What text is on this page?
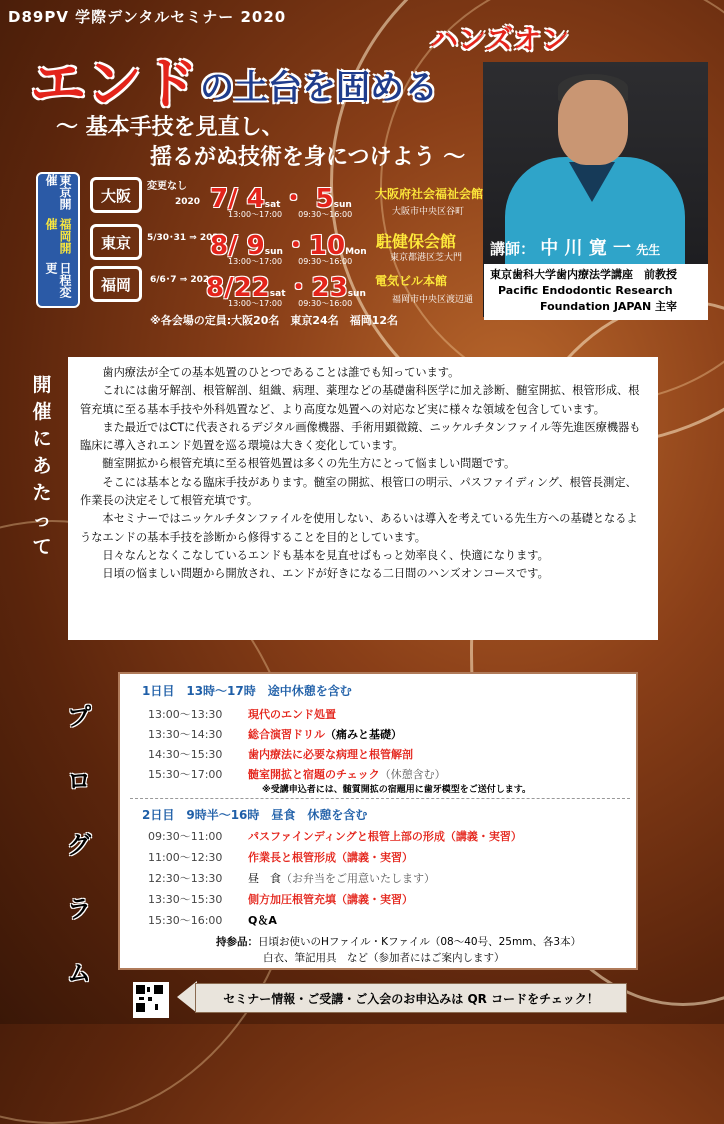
D89PV 学際デンタルセミナー 2020
エンド の土台を固める
ハンズオン
～ 基本手技を見直し、
揺るがぬ技術を身につけよう ～
講師： 中 川 寛 一 先生
東京歯科大学歯内療法学講座　前教授
Pacific Endodontic Research
Foundation JAPAN 主宰
東京開催
福岡開催
日程変更
変更なし
大阪	2020 7/ 4sat・ 5sun
13:00～17:00　　09:30～16:00
大阪府社会福祉会館
大阪市中央区谷町
東京	5/30･31 ⇒ 2020
8/ 9sun・10Mon
13:00～17:00　　09:30～16:00
駐健保会館
東京都港区芝大門
福岡	6/6･7 ⇒ 2020
8/22sat・23sun
13:00～17:00　　09:30～16:00
電気ビル本館
福岡市中央区渡辺通
※各会場の定員:大阪20名　東京24名　福岡12名
開
催
に
あ
た
っ
て

歯内療法が全ての基本処置のひとつであることは誰でも知っています。

これには歯牙解剖、根管解剖、組織、病理、薬理などの基礎歯科医学に加え診断、髄室開拡、根管形成、根管充填に至る基本手技や外科処置など、より高度な処置への対応など実に様々な領域を包含しています。

また最近ではCTに代表されるデジタル画像機器、手術用顕微鏡、ニッケルチタンファイル等先進医療機器も臨床に導入されエンド処置を巡る環境は大きく変化しています。

髄室開拡から根管充填に至る根管処置は多くの先生方にとって悩ましい問題です。

そこには基本となる臨床手技があります。髄室の開拡、根管口の明示、パスファイディング、根管長測定、作業長の決定そして根管充填です。

本セミナーではニッケルチタンファイルを使用しない、あるいは導入を考えている先生方への基礎となるようなエンドの基本手技を診断から修得することを目的としています。

日々なんとなくこなしているエンドも基本を見直せばもっと効率良く、快適になります。

日頃の悩ましい問題から開放され、エンドが好きになる二日間のハンズオンコースです。

プ
ロ
グ
ラ
ム
1日目　13時～17時　途中休憩を含む
13:00～13:30 現代のエンド処置
13:30～14:30 総合演習ドリル（痛みと基礎）
14:30～15:30 歯内療法に必要な病理と根管解剖
15:30～17:00 髄室開拡と宿題のチェック（休憩含む）
※受講申込者には、髄質開拡の宿題用に歯牙模型をご送付します。
2日目　9時半～16時　昼食　休憩を含む
09:30～11:00 パスファインディングと根管上部の形成（講義・実習）
11:00～12:30 作業長と根管形成（講義・実習）
12:30～13:30 昼　食（お弁当をご用意いたします）
13:30～15:30 側方加圧根管充填（講義・実習）
15:30～16:00 Q＆A
持参品：日頃お使いのHファイル・Kファイル（08～40号、25mm、各3本）
白衣、筆記用具　など（参加者にはご案内します）
セミナー情報・ご受講・ご入会のお申込みは QR コードをチェック！
